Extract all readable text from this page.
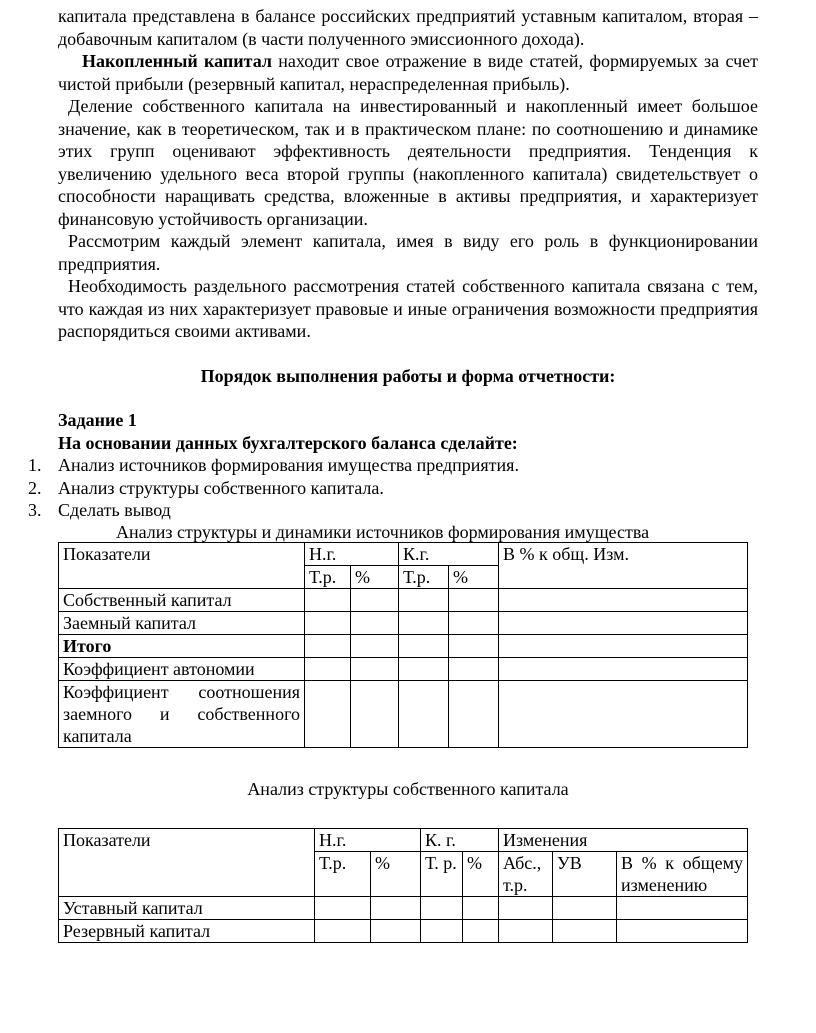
капитала представлена в балансе российских предприятий уставным капиталом, вторая – добавочным капиталом (в части полученного эмиссионного дохода).

Накопленный капитал находит свое отражение в виде статей, формируемых за счет чистой прибыли (резервный капитал, нераспределенная прибыль).

Деление собственного капитала на инвестированный и накопленный имеет большое значение, как в теоретическом, так и в практическом плане: по соотношению и динамике этих групп оценивают эффективность деятельности предприятия. Тенденция к увеличению удельного веса второй группы (накопленного капитала) свидетельствует о способности наращивать средства, вложенные в активы предприятия, и характеризует финансовую устойчивость организации.

Рассмотрим каждый элемент капитала, имея в виду его роль в функционировании предприятия.

Необходимость раздельного рассмотрения статей собственного капитала связана с тем, что каждая из них характеризует правовые и иные ограничения возможности предприятия распорядиться своими активами.

Порядок выполнения работы и форма отчетности:

Задание 1

На основании данных бухгалтерского баланса сделайте:

1. Анализ источников формирования имущества предприятия.
2. Анализ структуры собственного капитала.
3. Сделать вывод

Анализ структуры и динамики источников формирования имущества

Показатели	Н.г.		К.г.		В % к общ. Изм.
	Т.р.	%	Т.р.	%	
Собственный капитал					
Заемный капитал					
Итого					
Коэффициент автономии					
Коэффициент соотношения заемного и собственного капитала					

Анализ структуры собственного капитала

Показатели	Н.г.		К. г.		Изменения		
	Т.р.	%	Т. р.	%	Абс., т.р.	УВ	В % к общему изменению
Уставный капитал							
Резервный капитал							
